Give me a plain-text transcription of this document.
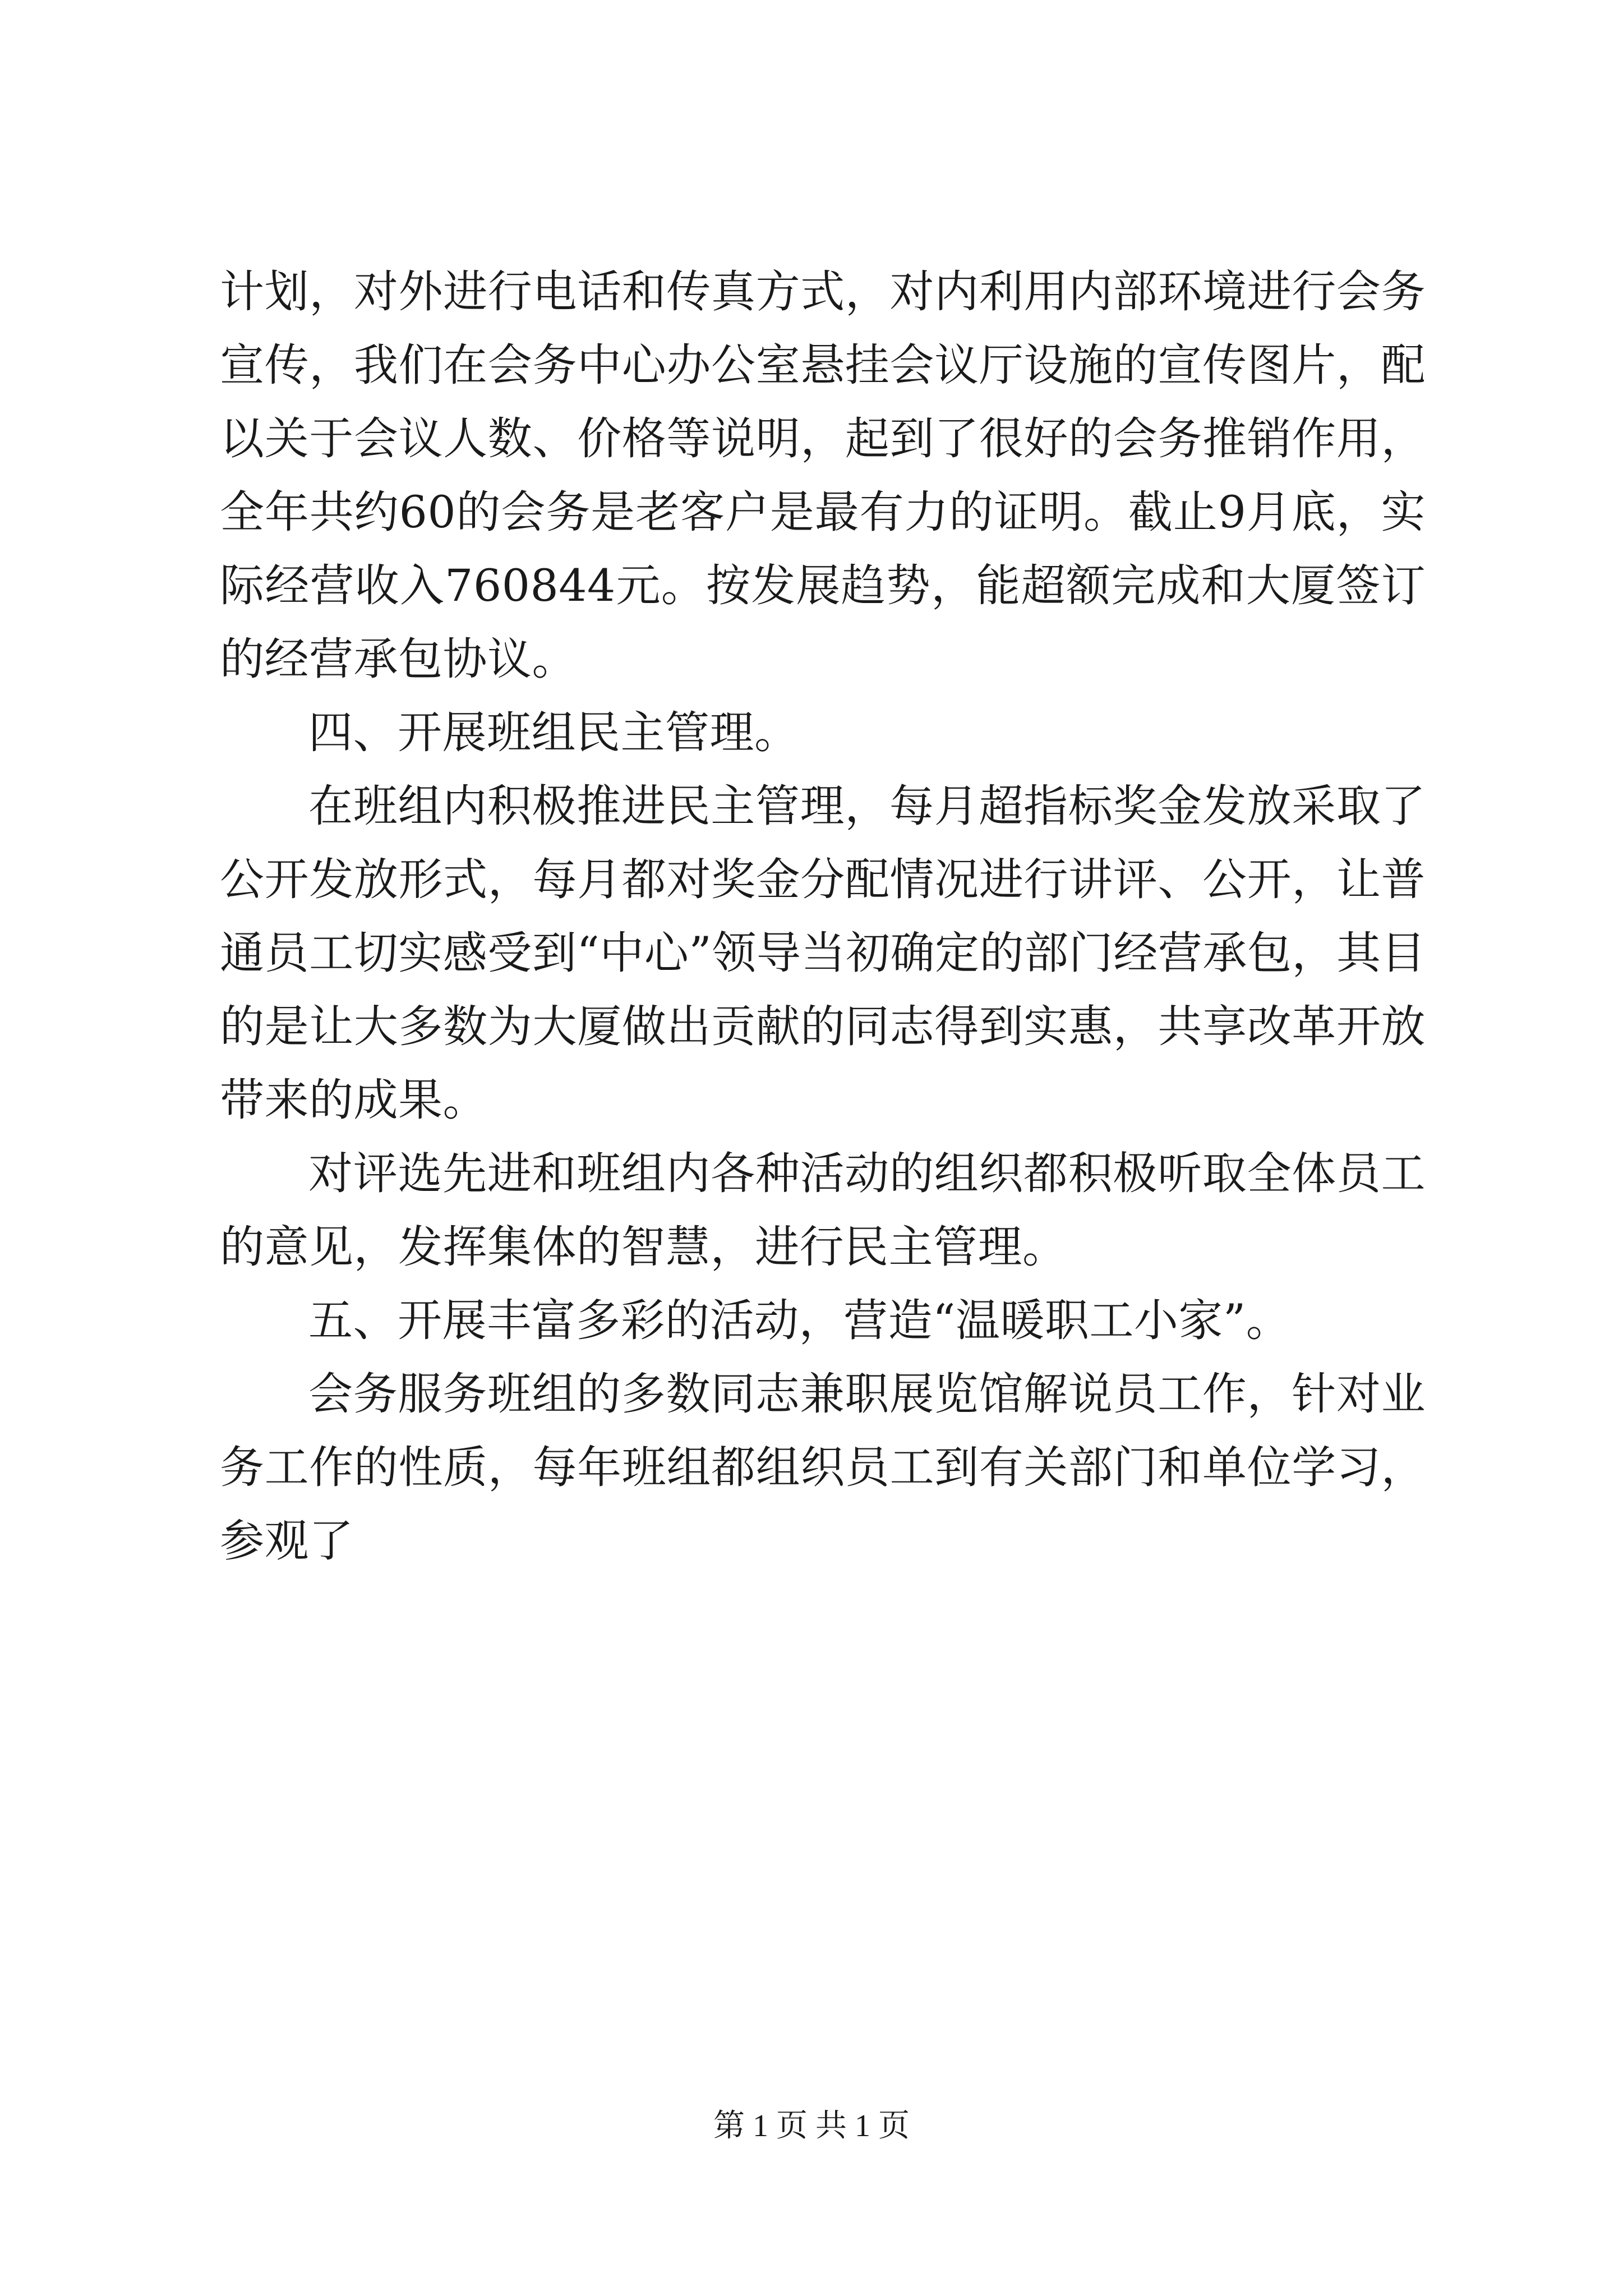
计划，对外进行电话和传真方式，对内利用内部环境进行会务宣传，我们在会务中心办公室悬挂会议厅设施的宣传图片，配以关于会议人数、价格等说明，起到了很好的会务推销作用，全年共约60的会务是老客户是最有力的证明。截止9月底，实际经营收入760844元。按发展趋势，能超额完成和大厦签订的经营承包协议。

四、开展班组民主管理。

在班组内积极推进民主管理，每月超指标奖金发放采取了公开发放形式，每月都对奖金分配情况进行讲评、公开，让普通员工切实感受到“中心”领导当初确定的部门经营承包，其目的是让大多数为大厦做出贡献的同志得到实惠，共享改革开放带来的成果。

对评选先进和班组内各种活动的组织都积极听取全体员工的意见，发挥集体的智慧，进行民主管理。

五、开展丰富多彩的活动，营造“温暖职工小家”。

会务服务班组的多数同志兼职展览馆解说员工作，针对业务工作的性质，每年班组都组织员工到有关部门和单位学习，参观了

第 1 页 共 1 页
